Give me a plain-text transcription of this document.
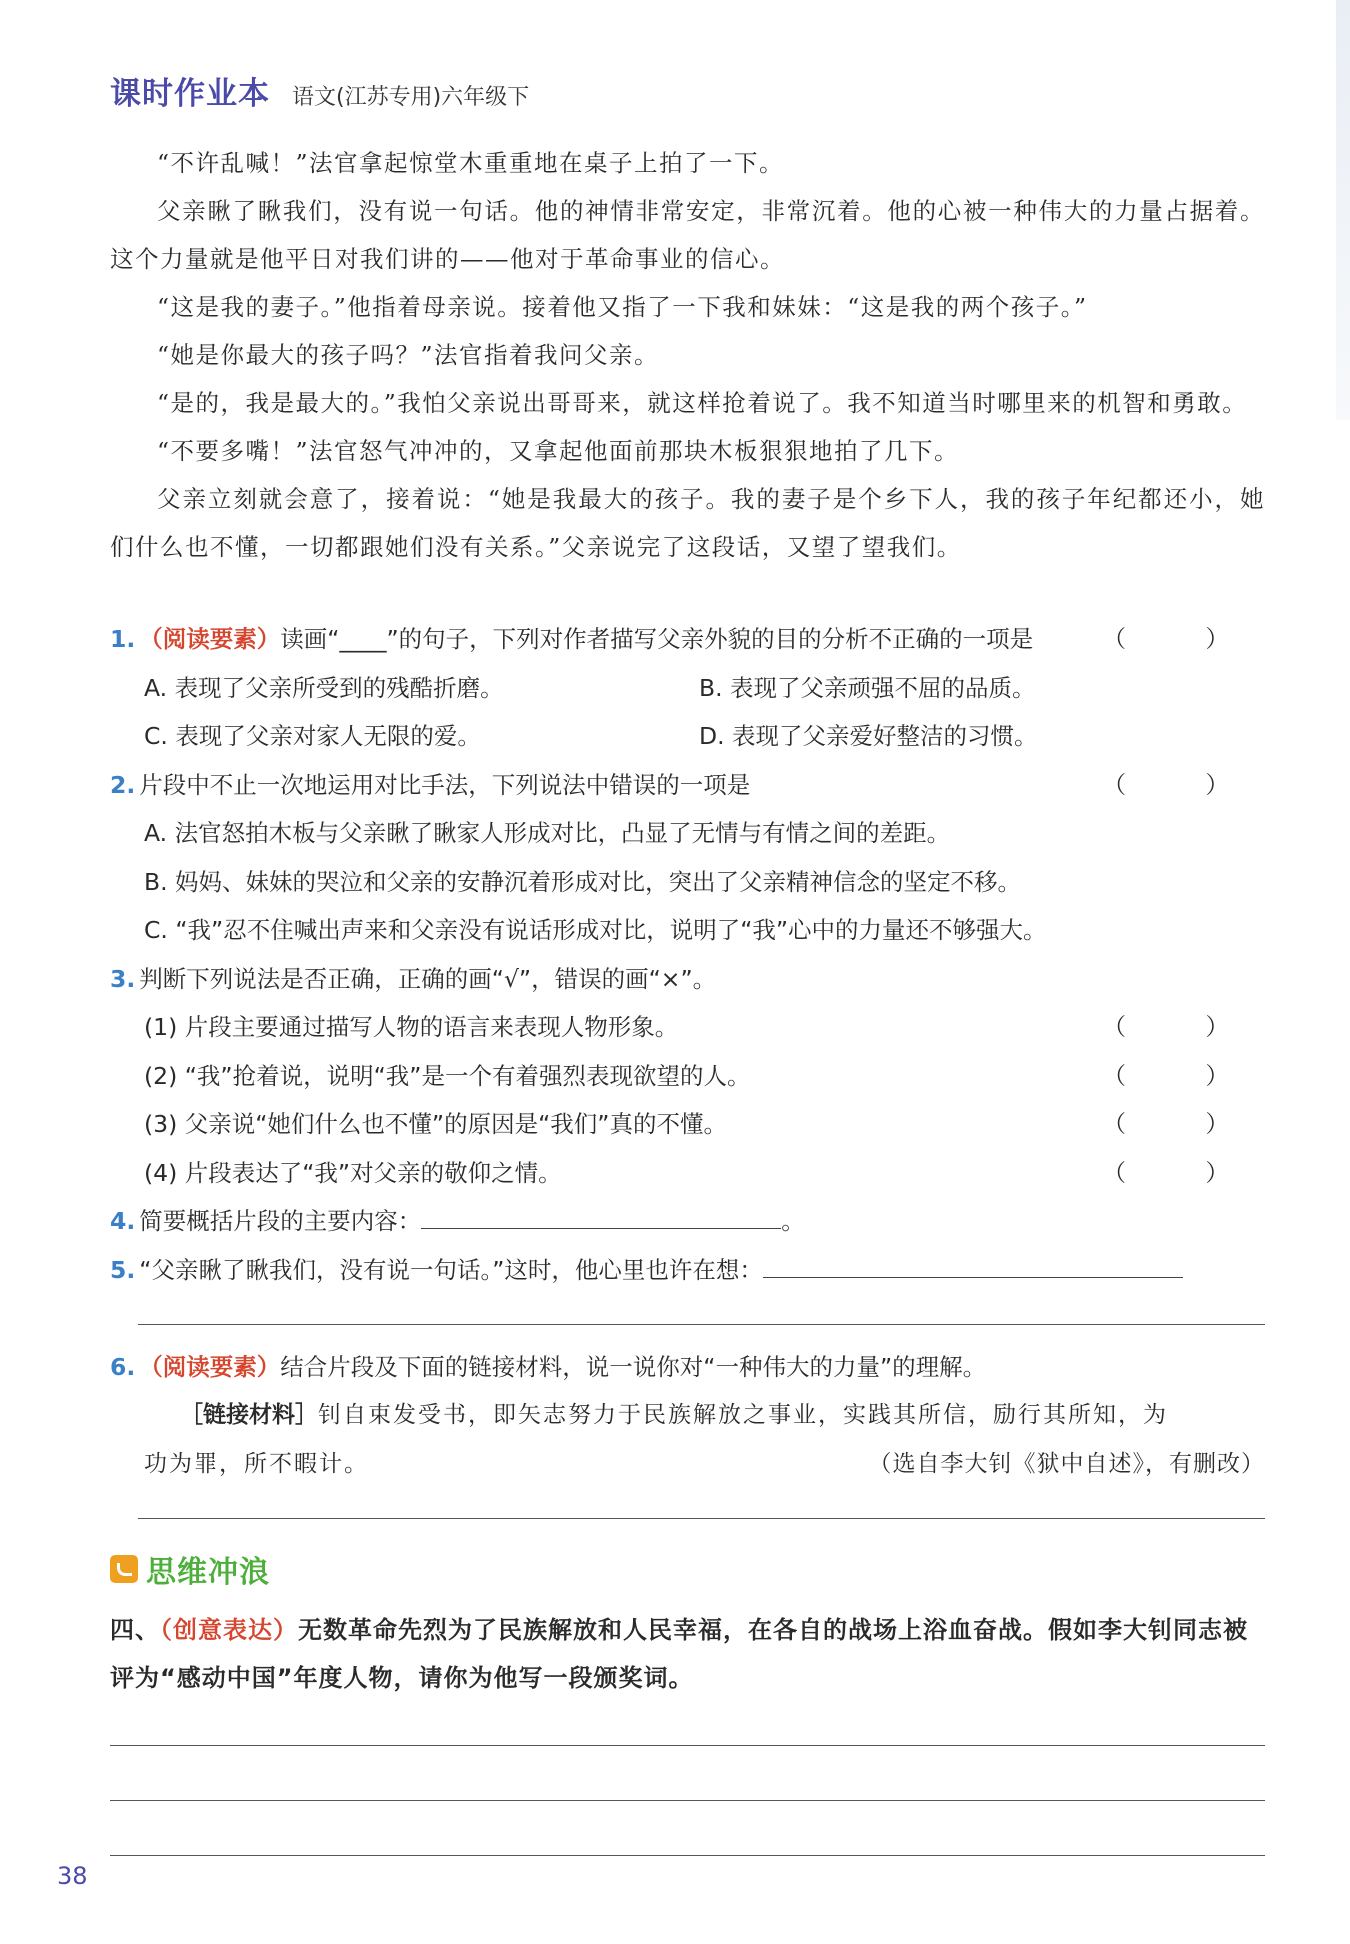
课时作业本 语文(江苏专用)六年级下

“不许乱喊！”法官拿起惊堂木重重地在桌子上拍了一下。

父亲瞅了瞅我们，没有说一句话。他的神情非常安定，非常沉着。他的心被一种伟大的力量占据着。这个力量就是他平日对我们讲的——他对于革命事业的信心。

“这是我的妻子。”他指着母亲说。接着他又指了一下我和妹妹：“这是我的两个孩子。”

“她是你最大的孩子吗？”法官指着我问父亲。

“是的，我是最大的。”我怕父亲说出哥哥来，就这样抢着说了。我不知道当时哪里来的机智和勇敢。

“不要多嘴！”法官怒气冲冲的，又拿起他面前那块木板狠狠地拍了几下。

父亲立刻就会意了，接着说：“她是我最大的孩子。我的妻子是个乡下人，我的孩子年纪都还小，她们什么也不懂，一切都跟她们没有关系。”父亲说完了这段话，又望了望我们。

1. （阅读要素）读画“____”的句子，下列对作者描写父亲外貌的目的分析不正确的一项是	（ ）
A. 表现了父亲所受到的残酷折磨。	B. 表现了父亲顽强不屈的品质。
C. 表现了父亲对家人无限的爱。	D. 表现了父亲爱好整洁的习惯。
2. 片段中不止一次地运用对比手法，下列说法中错误的一项是	（ ）
A. 法官怒拍木板与父亲瞅了瞅家人形成对比，凸显了无情与有情之间的差距。
B. 妈妈、妹妹的哭泣和父亲的安静沉着形成对比，突出了父亲精神信念的坚定不移。
C. “我”忍不住喊出声来和父亲没有说话形成对比，说明了“我”心中的力量还不够强大。
3. 判断下列说法是否正确，正确的画“√”，错误的画“×”。
(1) 片段主要通过描写人物的语言来表现人物形象。	（ ）
(2) “我”抢着说，说明“我”是一个有着强烈表现欲望的人。	（ ）
(3) 父亲说“她们什么也不懂”的原因是“我们”真的不懂。	（ ）
(4) 片段表达了“我”对父亲的敬仰之情。	（ ）
4. 简要概括片段的主要内容：	。
5. “父亲瞅了瞅我们，没有说一句话。”这时，他心里也许在想：
6. （阅读要素）结合片段及下面的链接材料，说一说你对“一种伟大的力量”的理解。
［链接材料］钊自束发受书，即矢志努力于民族解放之事业，实践其所信，励行其所知，为
功为罪，所不暇计。	（选自李大钊《狱中自述》，有删改）
思维冲浪
四、（创意表达）无数革命先烈为了民族解放和人民幸福，在各自的战场上浴血奋战。假如李大钊同志被评为“感动中国”年度人物，请你为他写一段颁奖词。
38
